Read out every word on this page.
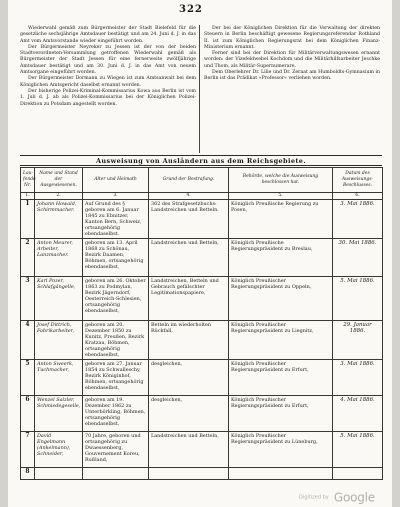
322

Wiederwahl gemäß zum Bürgermeister der Stadt Bielefeld für die gesetzliche sechsjährige Amtsdauer bestätigt und am 24. Juni d. J. in das Amt vom Amtsvorstande wieder eingeführt worden.

Der Bürgermeister Neyreker zu Jessen ist der von der beiden Stadtverordneten-Versammlung getroffenen Wiederwahl gemäß als Bürgermeister der Stadt Jessen für eine fernerweite zwölfjährige Amtsdauer bestätigt und am 30. Juni d. J. in das Amt von neuem Amtsorgane eingeführt worden.

Der Bürgermeister Dormann zu Wiegen ist zum Amtsanwalt bei dem Königlichen Amtsgericht daselbst ernannt worden.

Der bisherige Polizei-Kriminal-Kommissarius Kowa aus Berlin ist vom 1. Juli d. J. ab als Polizei-Kommissarius bei der Königlichen Polizei-Direktion zu Potsdam angestellt worden.

Der bei der Königlichen Direktion für die Verwaltung der direkten Steuern in Berlin beschäftigt gewesene Regierungsreferendar Rothland II. ist zum Königlichen Regierungsrat bei dem Königlichen Finanz-Ministerium ernannt.

Ferner sind bei der Direktion für Militärverwaltungswesen ernannt worden: der Vizefeldwebel Kochdom und die Militärhilfsarbeiter Jeschke und Thom, als Militär-Supernumerare.

Dem Oberlehrer Dr. Lilie und Dr. Zeraat am Humboldts-Gymnasium in Berlin ist das Prädikat »Professor« verliehen worden.

Ausweisung von Ausländern aus dem Reichsgebiete.
Lau-fende Nr.	Name und Stand der Ausgewiesenen.	Alter und Heimath	Grund der Bestrafung.	Behörde, welche die Ausweisung beschlossen hat.	Datum des Ausweisungs-Beschlusses.
1.	2.	3.	4.	5.	6.
1	Johann Howald, Schirmmacher.	Auf Grund des § geboren am 6. Januar 1845 zu Ebnitzer, Kanton Bern, Schweiz, ortsangehörig ebendaselbst.	362 des Strafgesetzbuchs: Landstreichen und Betteln.	Königlich Preußische Regierung zu Posen,	3. Mai 1886.
2	Anton Meurer, Arbeiter, Lanzmacher.	geboren am 13. April 1868 zu Schönau, Bezirk Daamen, Böhmen, ortsangehörig ebendaselbst,	Landstreichen und Betteln,	Königlich Preußische Regierungspräsident zu Breslau,	30. Mai 1886.
3	Karl Pozer, Schlafgängelle,	geboren am 26. Oktober 1863 zu Podmylan, Bezirk Jägerndorf, Oesterreich-Schlesien, ortsangehörig ebendaselbst,	Landstreichen, Betteln und Gebrauch gefälschter Legitimationspapiere,	Königlich Preußischer Regierungspräsident zu Oppeln,	5. Mai 1886.
4	Josef Dittrich, Fabrikarbeiter,	geboren am 20. Dezember 1850 zu Kunitz, Preußen, Bezirk Kratzau, Böhmen, ortsangehörig ebendaselbst,	Betteln im wiederholten Rückfall,	Königlich Preußischer Regierungspräsident zu Liegnitz,	29. Januar 1886.
5	Anton Sweerk, Tuchmacher,	geboren am 27. Januar 1854 zu Schwalleschy, Bezirk Königinhof, Böhmen, ortsangehörig ebendaselbst,	desgleichen,	Königlich Preußischer Regierungspräsident zu Erfurt,	3. Mai 1886.
6	Wenzel Salzler, Schmiedegeselle,	geboren am 19. Dezember 1862 zu Unterbörkling, Böhmen, ortsangehörig ebendaselbst,	desgleichen,	Königlich Preußischer Regierungspräsident zu Erfurt,	4. Mai 1886.
7	David Engelmann (Ankelmann), Schneider,	70 Jahre, geboren und ortsangehörig zu Dwaessenberg, Gouvernement Koreu, Rußland,	Landstreichen und Betteln,	Königlich Preußischer Regierungspräsident zu Lüneburg,	5. Mai 1886.
8					
Digitized by Google
